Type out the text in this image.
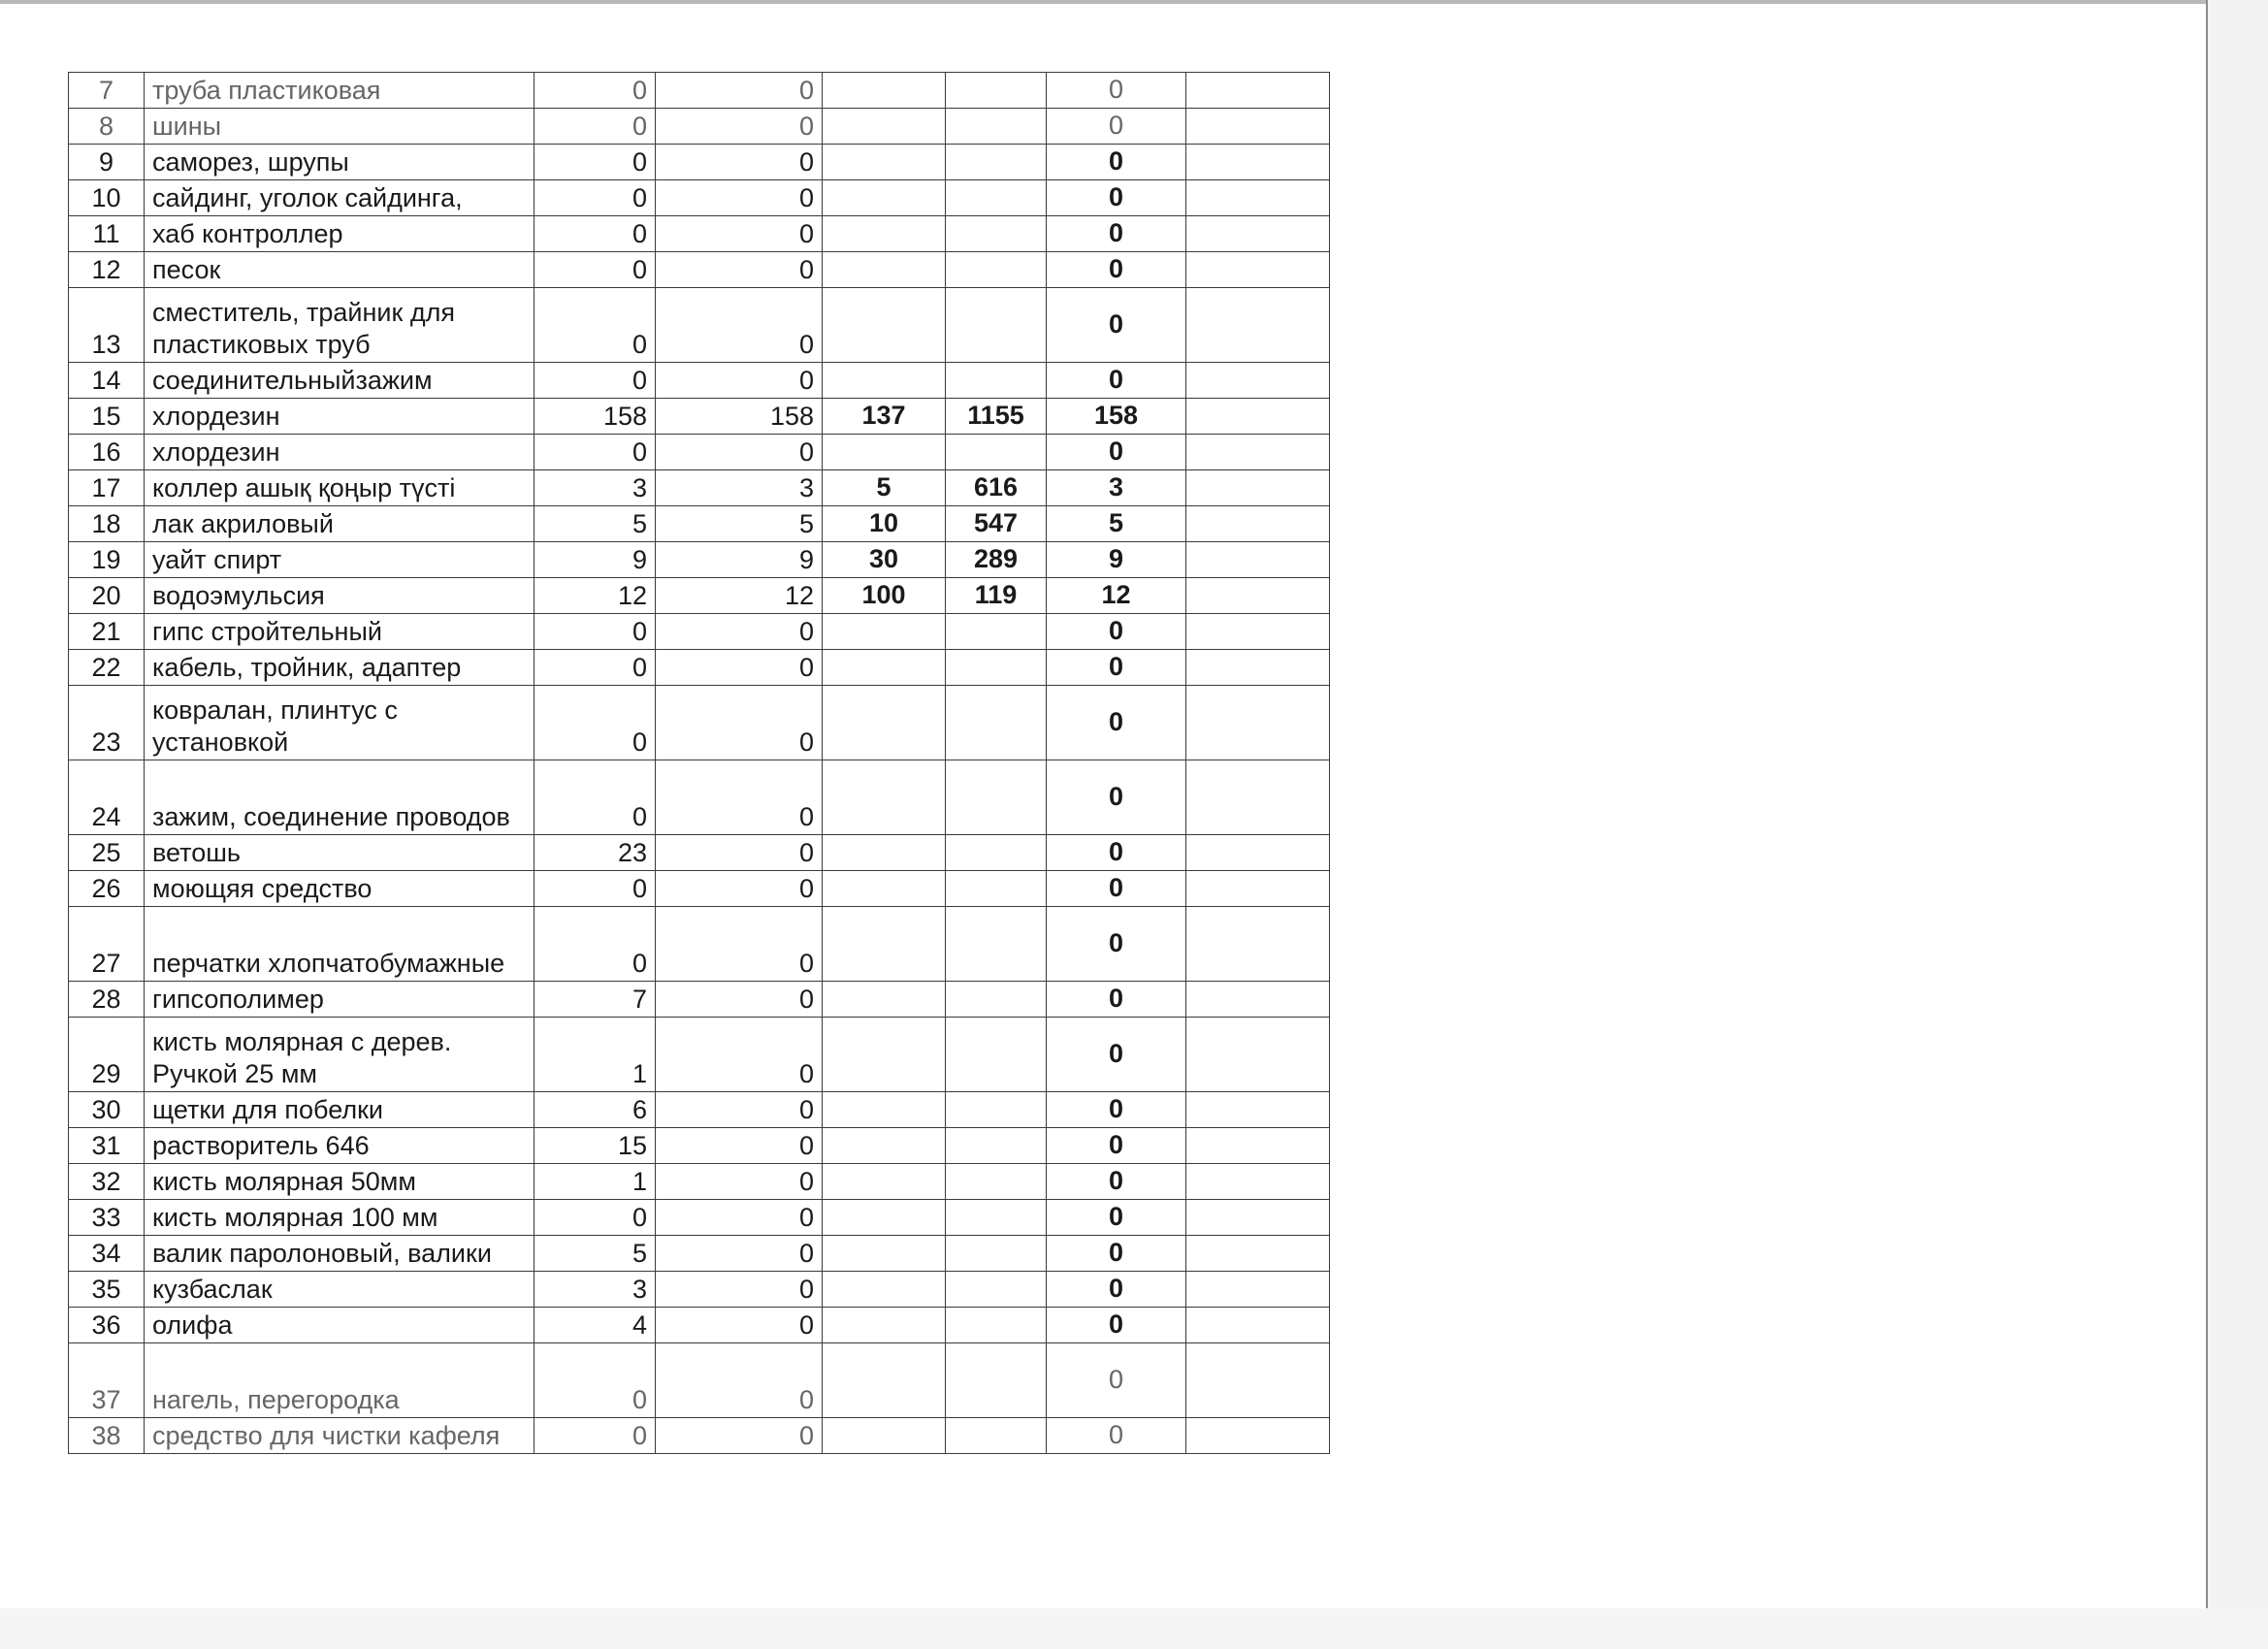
7	труба пластиковая	0	0			0	
8	шины	0	0			0	
9	саморез, шрупы	0	0			0	
10	сайдинг, уголок сайдинга,	0	0			0	
11	хаб контроллер	0	0			0	
12	песок	0	0			0	
13	сместитель, трайник для пластиковых труб	0	0			0	
14	соединительныйзажим	0	0			0	
15	хлордезин	158	158	137	1155	158	
16	хлордезин	0	0			0	
17	коллер ашық қоңыр түсті	3	3	5	616	3	
18	лак акриловый	5	5	10	547	5	
19	уайт спирт	9	9	30	289	9	
20	водоэмульсия	12	12	100	119	12	
21	гипс стройтельный	0	0			0	
22	кабель, тройник, адаптер	0	0			0	
23	ковралан, плинтус с установкой	0	0			0	
24	зажим, соединение проводов	0	0			0	
25	ветошь	23	0			0	
26	моющяя средство	0	0			0	
27	перчатки хлопчатобумажные	0	0			0	
28	гипсополимер	7	0			0	
29	кисть молярная с дерев. Ручкой 25 мм	1	0			0	
30	щетки для побелки	6	0			0	
31	растворитель 646	15	0			0	
32	кисть молярная 50мм	1	0			0	
33	кисть молярная 100 мм	0	0			0	
34	валик паролоновый, валики	5	0			0	
35	кузбаслак	3	0			0	
36	олифа	4	0			0	
37	нагель, перегородка	0	0			0	
38	средство для чистки кафеля	0	0			0	
